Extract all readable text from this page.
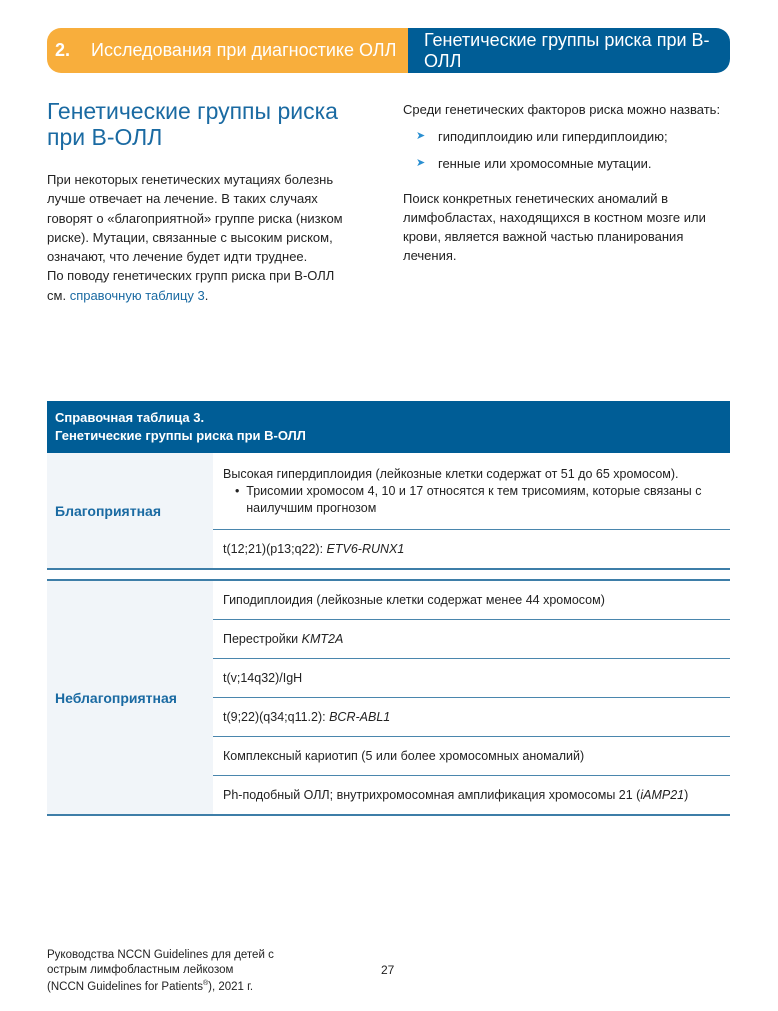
2.	Исследования при диагностике ОЛЛ
Генетические группы риска при В-ОЛЛ
Генетические группы риска при В-ОЛЛ
При некоторых генетических мутациях болезнь лучше отвечает на лечение. В таких случаях говорят о «благоприятной» группе риска (низком риске). Мутации, связанные с высоким риском, означают, что лечение будет идти труднее.
По поводу генетических групп риска при В-ОЛЛ см. справочную таблицу 3.

Среди генетических факторов риска можно назвать:

➤ гиподиплоидию или гипердиплоидию;
➤ генные или хромосомные мутации.

Поиск конкретных генетических аномалий в лимфобластах, находящихся в костном мозге или крови, является важной частью планирования лечения.

Справочная таблица 3.
Генетические группы риска при В-ОЛЛ
Благоприятная
Высокая гипердиплоидия (лейкозные клетки содержат от 51 до 65 хромосом).
• Трисомии хромосом 4, 10 и 17 относятся к тем трисомиям, которые связаны с наилучшим прогнозом
t(12;21)(p13;q22): ETV6-RUNX1
Неблагоприятная
Гиподиплоидия (лейкозные клетки содержат менее 44 хромосом)
Перестройки KMT2A
t(v;14q32)/IgH
t(9;22)(q34;q11.2): BCR-ABL1
Комплексный кариотип (5 или более хромосомных аномалий)
Ph-подобный ОЛЛ; внутрихромосомная амплификация хромосомы 21 (iAMP21)
Руководства NCCN Guidelines для детей с
острым лимфобластным лейкозом
(NCCN Guidelines for Patients®), 2021 г.
27
